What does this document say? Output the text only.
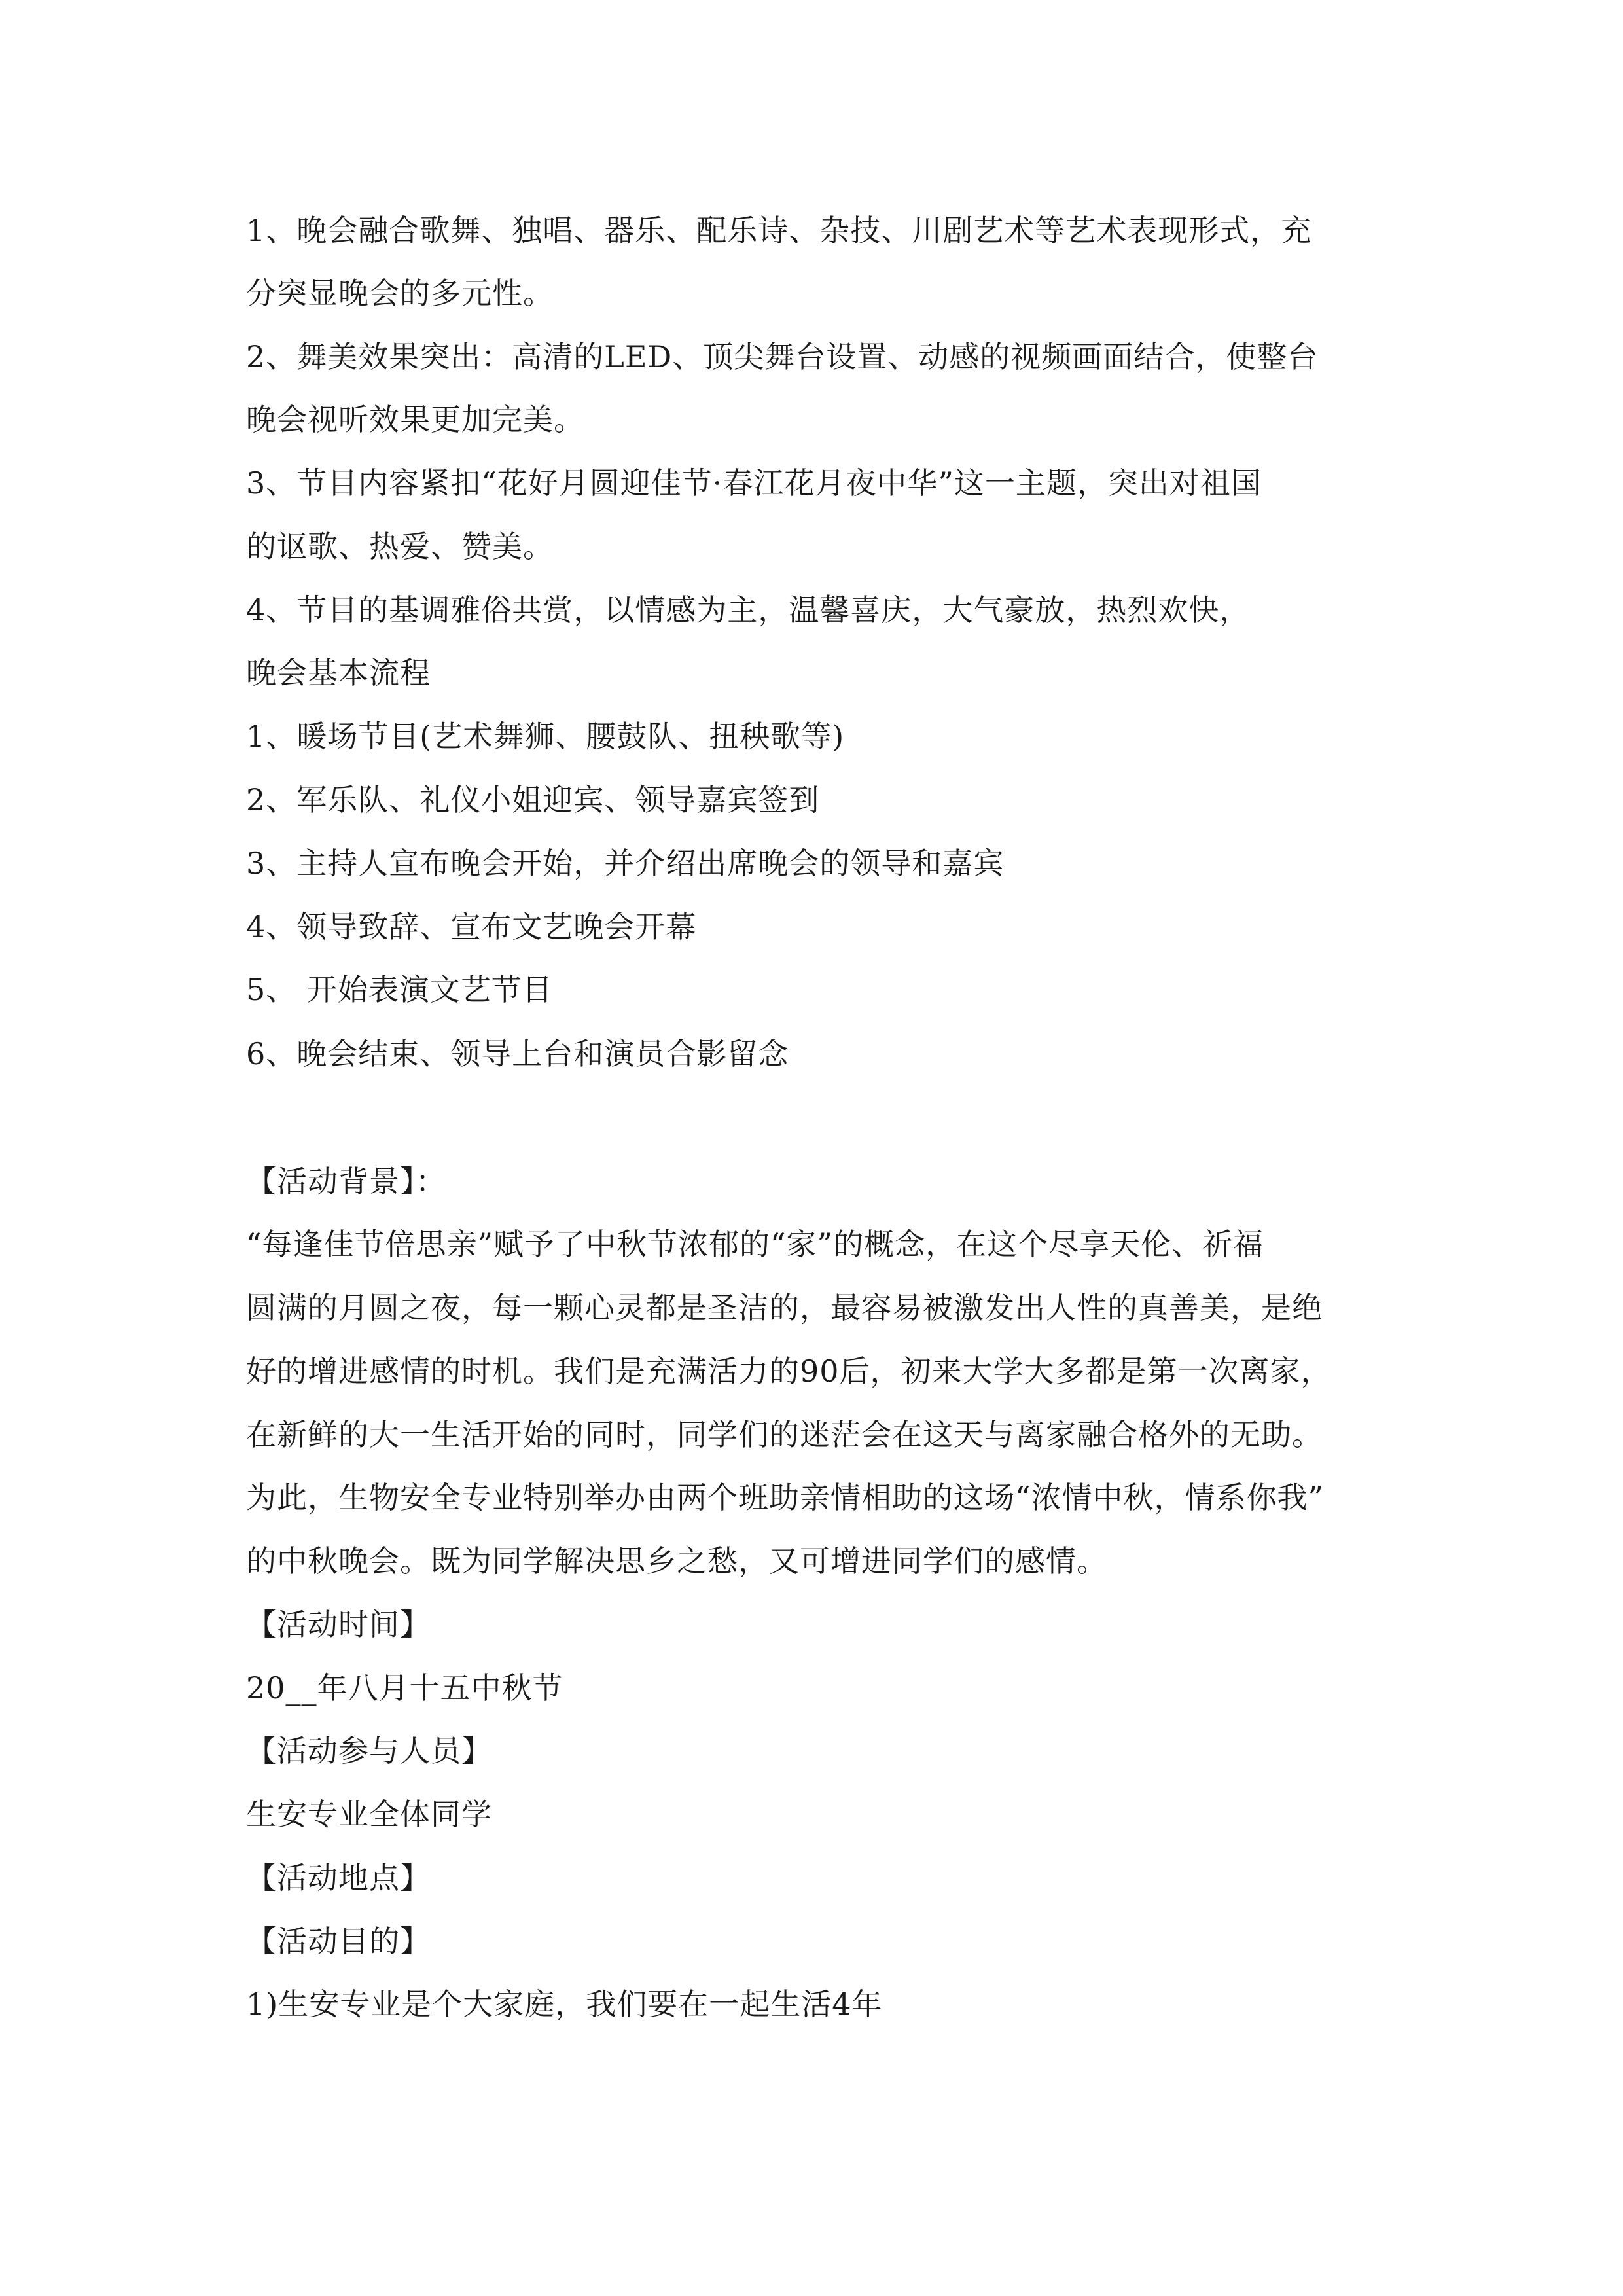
1、晚会融合歌舞、独唱、器乐、配乐诗、杂技、川剧艺术等艺术表现形式，充
分突显晚会的多元性。
2、舞美效果突出：高清的LED、顶尖舞台设置、动感的视频画面结合，使整台
晚会视听效果更加完美。
3、节目内容紧扣“花好月圆迎佳节·春江花月夜中华”这一主题，突出对祖国
的讴歌、热爱、赞美。
4、节目的基调雅俗共赏，以情感为主，温馨喜庆，大气豪放，热烈欢快，
晚会基本流程
1、暖场节目(艺术舞狮、腰鼓队、扭秧歌等)
2、军乐队、礼仪小姐迎宾、领导嘉宾签到
3、主持人宣布晚会开始，并介绍出席晚会的领导和嘉宾
4、领导致辞、宣布文艺晚会开幕
5、 开始表演文艺节目
6、晚会结束、领导上台和演员合影留念
【活动背景】：
“每逢佳节倍思亲”赋予了中秋节浓郁的“家”的概念，在这个尽享天伦、祈福
圆满的月圆之夜，每一颗心灵都是圣洁的，最容易被激发出人性的真善美，是绝
好的增进感情的时机。我们是充满活力的90后，初来大学大多都是第一次离家，
在新鲜的大一生活开始的同时，同学们的迷茫会在这天与离家融合格外的无助。
为此，生物安全专业特别举办由两个班助亲情相助的这场“浓情中秋，情系你我”
的中秋晚会。既为同学解决思乡之愁，又可增进同学们的感情。
【活动时间】
20__年八月十五中秋节
【活动参与人员】
生安专业全体同学
【活动地点】
【活动目的】
1)生安专业是个大家庭，我们要在一起生活4年
